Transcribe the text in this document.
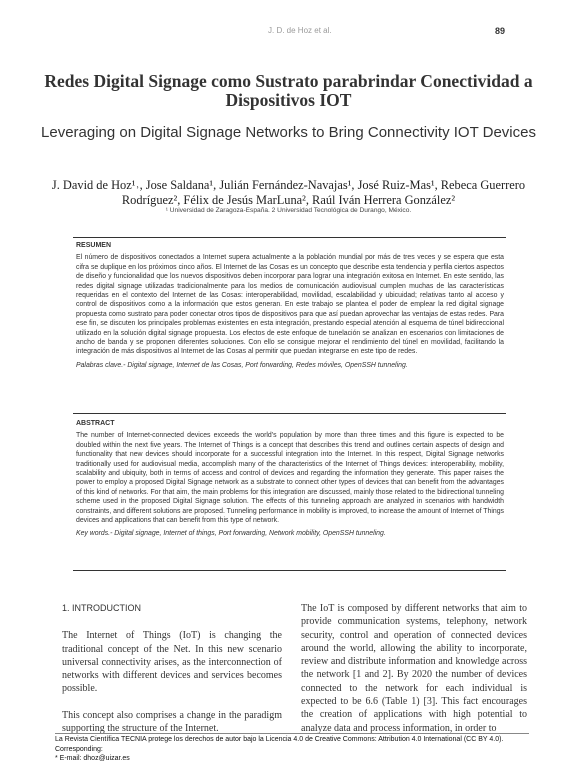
J. D. de Hoz et al.	89
Redes Digital Signage como Sustrato parabrindar Conectividad a Dispositivos IOT
Leveraging on Digital Signage Networks to Bring Connectivity IOT Devices
J. David de Hoz¹˒, Jose Saldana¹, Julián Fernández-Navajas¹, José Ruiz-Mas¹, Rebeca Guerrero Rodríguez², Félix de Jesús MarLuna², Raúl Iván Herrera González²
¹ Universidad de Zaragoza-España. 2 Universidad Tecnológica de Durango, México.
RESUMEN
El número de dispositivos conectados a Internet supera actualmente a la población mundial por más de tres veces y se espera que esta cifra se duplique en los próximos cinco años. El Internet de las Cosas es un concepto que describe esta tendencia y perfila ciertos aspectos de diseño y funcionalidad que los nuevos dispositivos deben incorporar para lograr una integración exitosa en Internet. En este sentido, las redes digital signage utilizadas tradicionalmente para los medios de comunicación audiovisual cumplen muchas de las características requeridas en el contexto del Internet de las Cosas: interoperabilidad, movilidad, escalabilidad y ubicuidad; relativas tanto al acceso y control de dispositivos como a la información que estos generan. En este trabajo se plantea el poder de emplear la red digital signage propuesta como sustrato para poder conectar otros tipos de dispositivos para que así puedan aprovechar las ventajas de estas redes. Para ese fin, se discuten los principales problemas existentes en esta integración, prestando especial atención al esquema de túnel bidireccional utilizado en la solución digital signage propuesta. Los efectos de este enfoque de tunelación se analizan en escenarios con limitaciones de ancho de banda y se proponen diferentes soluciones. Con ello se consigue mejorar el rendimiento del túnel en movilidad, facilitando la integración de más dispositivos al Internet de las Cosas al permitir que puedan integrarse en este tipo de redes.
Palabras clave.- Digital signage, Internet de las Cosas, Port forwarding, Redes móviles, OpenSSH tunneling.
ABSTRACT
The number of Internet-connected devices exceeds the world’s population by more than three times and this figure is expected to be doubled within the next five years. The Internet of Things is a concept that describes this trend and outlines certain aspects of design and functionality that new devices should incorporate for a successful integration into the Internet. In this respect, Digital Signage networks traditionally used for audiovisual media, accomplish many of the characteristics of the Internet of Things devices: interoperability, mobility, scalability and ubiquity, both in terms of access and control of devices and regarding the information they generate. This paper raises the power to employ a proposed Digital Signage network as a substrate to connect other types of devices that can benefit from the advantages of this kind of networks. For that aim, the main problems for this integration are discussed, mainly those related to the bidirectional tunneling scheme used in the proposed Digital Signage solution. The effects of this tunneling approach are analyzed in scenarios with handwidth constraints, and different solutions are proposed. Tunneling performance in mobility is improved, to increase the amount of Internet of Things devices and applications that can benefit from this type of network.
Key words.- Digital signage, Internet of things, Port forwarding, Network mobility, OpenSSH tunneling.

1. INTRODUCTION

The Internet of Things (IoT) is changing the traditional concept of the Net. In this new scenario universal connectivity arises, as the interconnection of networks with different devices and services becomes possible.

This concept also comprises a change in the paradigm supporting the structure of the Internet.

The IoT is composed by different networks that aim to provide communication systems, telephony, network security, control and operation of connected devices around the world, allowing the ability to incorporate, review and distribute information and knowledge across the network [1 and 2]. By 2020 the number of devices connected to the network for each individual is expected to be 6.6 (Table 1) [3]. This fact encourages the creation of applications with high potential to analyze data and process information, in order to

La Revista Científica TECNIA protege los derechos de autor bajo la Licencia 4.0 de Creative Commons: Attribution 4.0 International (CC BY 4.0).
Corresponding:
* E-mail: dhoz@uizar.es
